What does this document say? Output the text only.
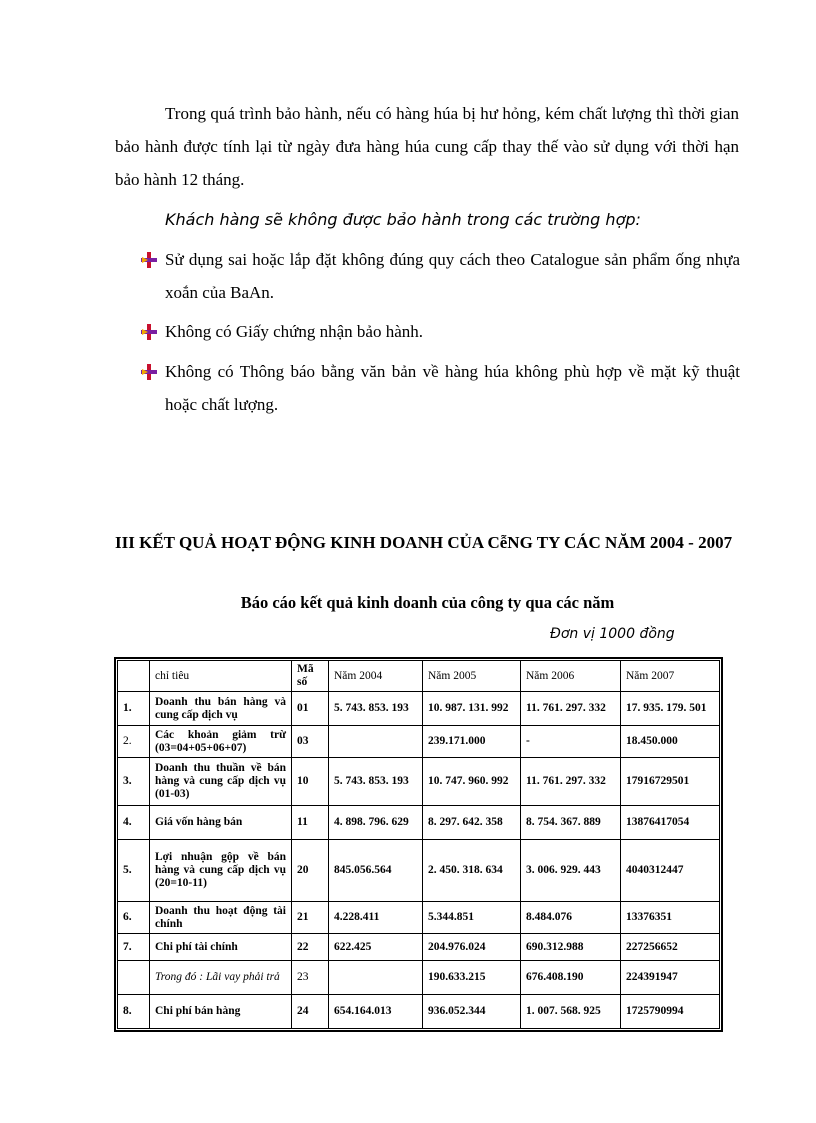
Trong quá trình bảo hành, nếu có hàng húa bị hư hỏng, kém chất lượng thì thời gian bảo hành được tính lại từ ngày đưa hàng húa cung cấp thay thế vào sử dụng với thời hạn bảo hành 12 tháng.

Khách hàng sẽ không được bảo hành trong các trường hợp:

Sử dụng sai hoặc lắp đặt không đúng quy cách theo Catalogue sản phẩm ống nhựa xoắn của BaAn.
Không có Giấy chứng nhận bảo hành.
Không có Thông báo bằng văn bản về hàng húa không phù hợp về mặt kỹ thuật hoặc chất lượng.
III KẾT QUẢ HOẠT ĐỘNG KINH DOANH CỦA CễNG TY CÁC NĂM 2004 - 2007
Báo cáo kết quả kinh doanh của công ty qua các năm
Đơn vị 1000 đồng
	chỉ tiêu	Mã số	Năm 2004	Năm 2005	Năm 2006	Năm 2007
1.	Doanh thu bán hàng và cung cấp dịch vụ	01	5. 743. 853. 193	10. 987. 131. 992	11. 761. 297. 332	17. 935. 179. 501
2.	Các khoản giảm trừ (03=04+05+06+07)	03		239.171.000	-	18.450.000
3.	Doanh thu thuần về bán hàng và cung cấp dịch vụ (01-03)	10	5. 743. 853. 193	10. 747. 960. 992	11. 761. 297. 332	17916729501
4.	Giá vốn hàng bán	11	4. 898. 796. 629	8. 297. 642. 358	8. 754. 367. 889	13876417054
5.	Lợi nhuận gộp về bán hàng và cung cấp dịch vụ (20=10-11)	20	845.056.564	2. 450. 318. 634	3. 006. 929. 443	4040312447
6.	Doanh thu hoạt động tài chính	21	4.228.411	5.344.851	8.484.076	13376351
7.	Chi phí tài chính	22	622.425	204.976.024	690.312.988	227256652
	Trong đó : Lãi vay phải trả	23		190.633.215	676.408.190	224391947
8.	Chi phí bán hàng	24	654.164.013	936.052.344	1. 007. 568. 925	1725790994
